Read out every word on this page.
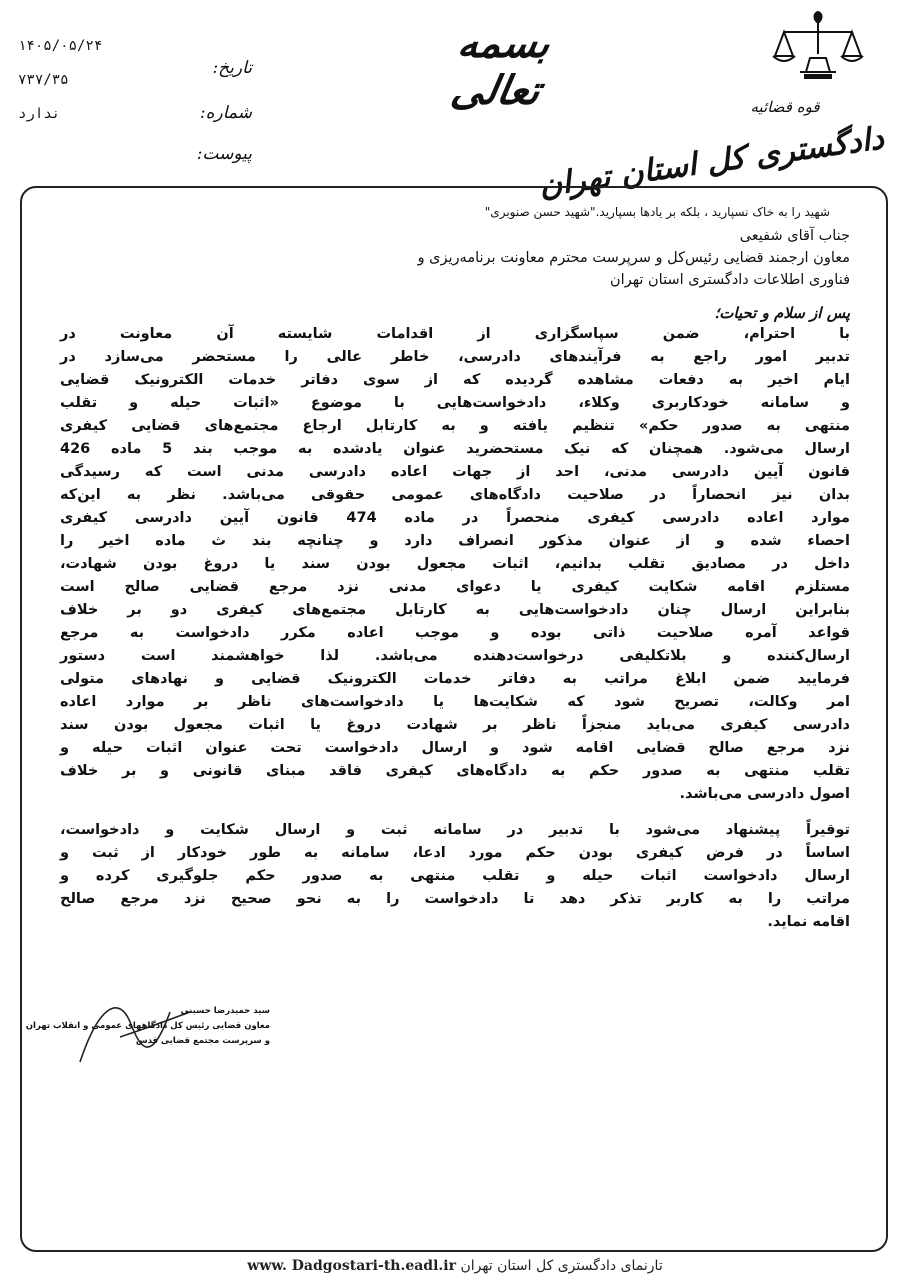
۱۴۰۵/۰۵/۲۴
۷۳۷/۳۵
ندارد
تاریخ:
شماره:
پیوست:
بسمه تعالی	قوه قضائیه
دادگستری کل استان تهران
شهید را به خاک نسپارید ، بلکه بر یادها بسپارید."شهید حسن صنوبری"
جناب آقای شفیعی
معاون ارجمند قضایی رئیس‌کل و سرپرست محترم معاونت برنامه‌ریزی و
فناوری اطلاعات دادگستری استان تهران
پس از سلام و تحیات؛
با احترام، ضمن سپاسگزاری از اقدامات شایسته آن معاونت در
تدبیر امور راجع به فرآیندهای دادرسی، خاطر عالی را مستحضر می‌سازد در
ایام اخیر به دفعات مشاهده گردیده که از سوی دفاتر خدمات الکترونیک قضایی
و سامانه خودکاربری وکلاء، دادخواست‌هایی با موضوع «اثبات حیله و تقلب
منتهی به صدور حکم» تنظیم یافته و به کارتابل ارجاع مجتمع‌های قضایی کیفری
ارسال می‌شود. همچنان که نیک مستحضرید عنوان یادشده به موجب بند 5 ماده 426
قانون آیین دادرسی مدنی، احد از جهات اعاده دادرسی مدنی است که رسیدگی
بدان نیز انحصاراً در صلاحیت دادگاه‌های عمومی حقوقی می‌باشد. نظر به این‌که
موارد اعاده دادرسی کیفری منحصراً در ماده 474 قانون آیین دادرسی کیفری
احصاء شده و از عنوان مذکور انصراف دارد و چنانچه بند ث ماده اخیر را
داخل در مصادیق تقلب بدانیم، اثبات مجعول بودن سند یا دروغ بودن شهادت،
مستلزم اقامه شکایت کیفری یا دعوای مدنی نزد مرجع قضایی صالح است
بنابراین ارسال چنان دادخواست‌هایی به کارتابل مجتمع‌های کیفری دو بر خلاف
قواعد آمره صلاحیت ذاتی بوده و موجب اعاده مکرر دادخواست به مرجع
ارسال‌کننده و بلاتکلیفی درخواست‌دهنده می‌باشد. لذا خواهشمند است دستور
فرمایید ضمن ابلاغ مراتب به دفاتر خدمات الکترونیک قضایی و نهادهای متولی
امر وکالت، تصریح شود که شکایت‌ها یا دادخواست‌های ناظر بر موارد اعاده
دادرسی کیفری می‌باید منجزاً ناظر بر شهادت دروغ یا اثبات مجعول بودن سند
نزد مرجع صالح قضایی اقامه شود و ارسال دادخواست تحت عنوان اثبات حیله و
تقلب منتهی به صدور حکم به دادگاه‌های کیفری فاقد مبنای قانونی و بر خلاف
اصول دادرسی می‌باشد.
توقیراً پیشنهاد می‌شود با تدبیر در سامانه ثبت و ارسال شکایت و دادخواست،
اساساً در فرض کیفری بودن حکم مورد ادعا، سامانه به طور خودکار از ثبت و
ارسال دادخواست اثبات حیله و تقلب منتهی به صدور حکم جلوگیری کرده و
مراتب را به کاربر تذکر دهد تا دادخواست را به نحو صحیح نزد مرجع صالح
اقامه نماید.
سید حمیدرضا حسینی
معاون قضایی رئیس کل دادگاههای عمومی و انقلاب تهران
و سرپرست مجتمع قضایی قدس
www. Dadgostari-th.eadl.ir تارنمای دادگستری کل استان تهران
